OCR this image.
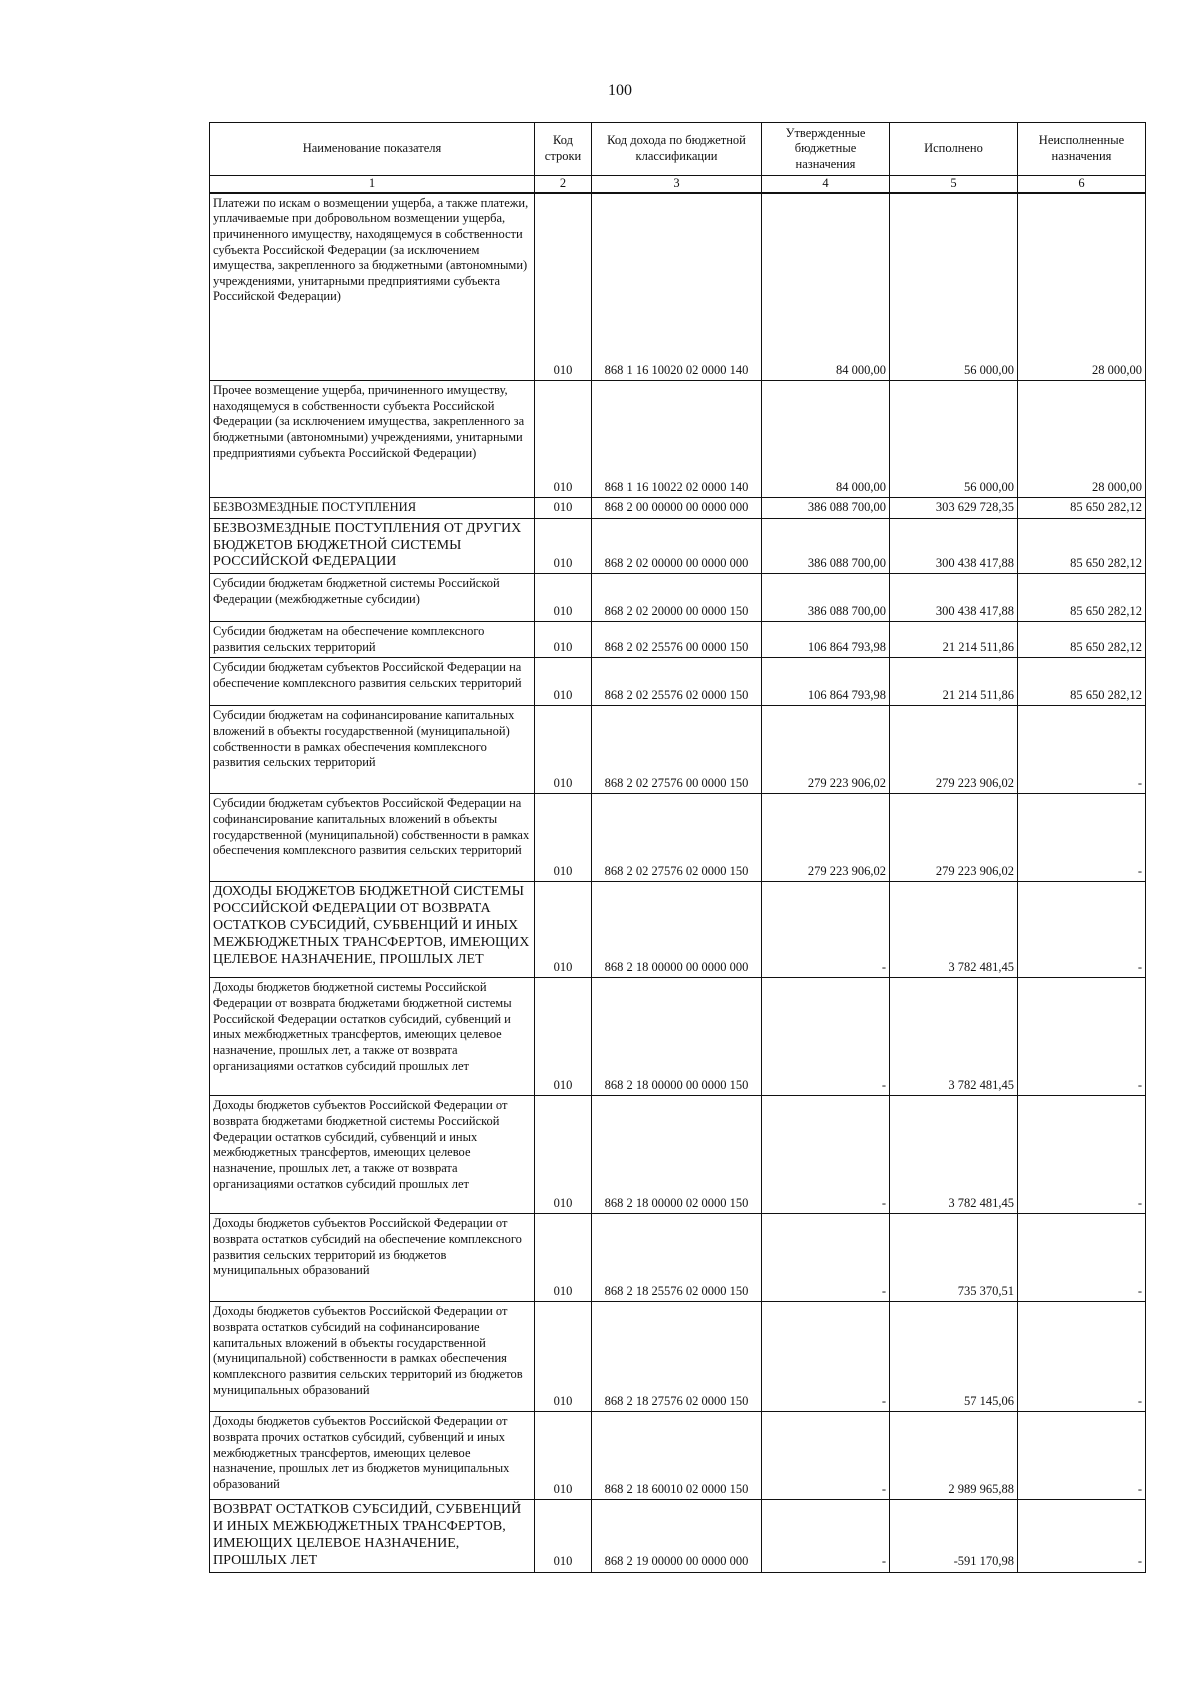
100
Наименование показателя	Код строки	Код дохода по бюджетной классификации	Утвержденные бюджетные назначения	Исполнено	Неисполненные назначения
1	2	3	4	5	6
Платежи по искам о возмещении ущерба, а также платежи, уплачиваемые при добровольном возмещении ущерба, причиненного имуществу, находящемуся в собственности субъекта Российской Федерации (за исключением имущества, закрепленного за бюджетными (автономными) учреждениями, унитарными предприятиями субъекта Российской Федерации)	010	868 1 16 10020 02 0000 140	84 000,00	56 000,00	28 000,00
Прочее возмещение ущерба, причиненного имуществу, находящемуся в собственности субъекта Российской Федерации (за исключением имущества, закрепленного за бюджетными (автономными) учреждениями, унитарными предприятиями субъекта Российской Федерации)	010	868 1 16 10022 02 0000 140	84 000,00	56 000,00	28 000,00
БЕЗВОЗМЕЗДНЫЕ ПОСТУПЛЕНИЯ	010	868 2 00 00000 00 0000 000	386 088 700,00	303 629 728,35	85 650 282,12
БЕЗВОЗМЕЗДНЫЕ ПОСТУПЛЕНИЯ ОТ ДРУГИХ БЮДЖЕТОВ БЮДЖЕТНОЙ СИСТЕМЫ РОССИЙСКОЙ ФЕДЕРАЦИИ	010	868 2 02 00000 00 0000 000	386 088 700,00	300 438 417,88	85 650 282,12
Субсидии бюджетам бюджетной системы Российской Федерации (межбюджетные субсидии)	010	868 2 02 20000 00 0000 150	386 088 700,00	300 438 417,88	85 650 282,12
Субсидии бюджетам на обеспечение комплексного развития сельских территорий	010	868 2 02 25576 00 0000 150	106 864 793,98	21 214 511,86	85 650 282,12
Субсидии бюджетам субъектов Российской Федерации на обеспечение комплексного развития сельских территорий	010	868 2 02 25576 02 0000 150	106 864 793,98	21 214 511,86	85 650 282,12
Субсидии бюджетам на софинансирование капитальных вложений в объекты государственной (муниципальной) собственности в рамках обеспечения комплексного развития сельских территорий	010	868 2 02 27576 00 0000 150	279 223 906,02	279 223 906,02	-
Субсидии бюджетам субъектов Российской Федерации на софинансирование капитальных вложений в объекты государственной (муниципальной) собственности в рамках обеспечения комплексного развития сельских территорий	010	868 2 02 27576 02 0000 150	279 223 906,02	279 223 906,02	-
ДОХОДЫ БЮДЖЕТОВ БЮДЖЕТНОЙ СИСТЕМЫ РОССИЙСКОЙ ФЕДЕРАЦИИ ОТ ВОЗВРАТА ОСТАТКОВ СУБСИДИЙ, СУБВЕНЦИЙ И ИНЫХ МЕЖБЮДЖЕТНЫХ ТРАНСФЕРТОВ, ИМЕЮЩИХ ЦЕЛЕВОЕ НАЗНАЧЕНИЕ, ПРОШЛЫХ ЛЕТ	010	868 2 18 00000 00 0000 000	-	3 782 481,45	-
Доходы бюджетов бюджетной системы Российской Федерации от возврата бюджетами бюджетной системы Российской Федерации остатков субсидий, субвенций и иных межбюджетных трансфертов, имеющих целевое назначение, прошлых лет, а также от возврата организациями остатков субсидий прошлых лет	010	868 2 18 00000 00 0000 150	-	3 782 481,45	-
Доходы бюджетов субъектов Российской Федерации от возврата бюджетами бюджетной системы Российской Федерации остатков субсидий, субвенций и иных межбюджетных трансфертов, имеющих целевое назначение, прошлых лет, а также от возврата организациями остатков субсидий прошлых лет	010	868 2 18 00000 02 0000 150	-	3 782 481,45	-
Доходы бюджетов субъектов Российской Федерации от возврата остатков субсидий на обеспечение комплексного развития сельских территорий из бюджетов муниципальных образований	010	868 2 18 25576 02 0000 150	-	735 370,51	-
Доходы бюджетов субъектов Российской Федерации от возврата остатков субсидий на софинансирование капитальных вложений в объекты государственной (муниципальной) собственности в рамках обеспечения комплексного развития сельских территорий из бюджетов муниципальных образований	010	868 2 18 27576 02 0000 150	-	57 145,06	-
Доходы бюджетов субъектов Российской Федерации от возврата прочих остатков субсидий, субвенций и иных межбюджетных трансфертов, имеющих целевое назначение, прошлых лет из бюджетов муниципальных образований	010	868 2 18 60010 02 0000 150	-	2 989 965,88	-
ВОЗВРАТ ОСТАТКОВ СУБСИДИЙ, СУБВЕНЦИЙ И ИНЫХ МЕЖБЮДЖЕТНЫХ ТРАНСФЕРТОВ, ИМЕЮЩИХ ЦЕЛЕВОЕ НАЗНАЧЕНИЕ, ПРОШЛЫХ ЛЕТ	010	868 2 19 00000 00 0000 000	-	-591 170,98	-
